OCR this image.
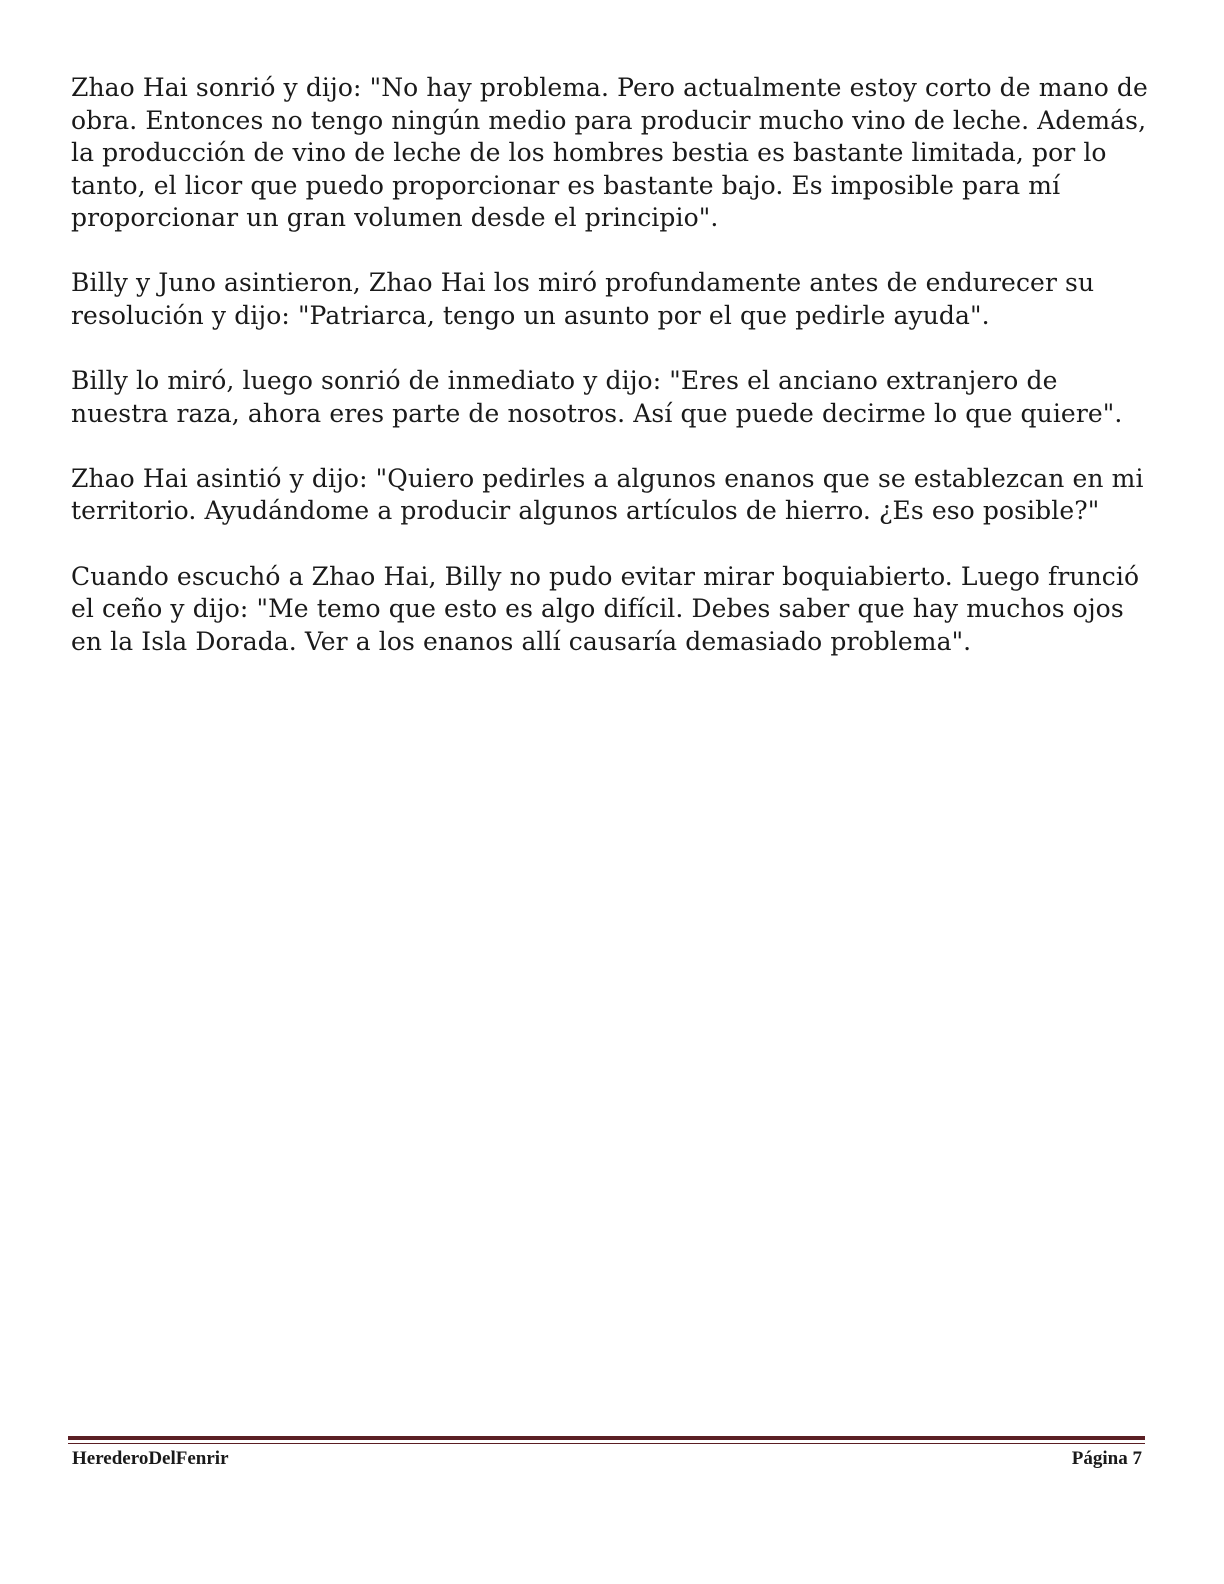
Zhao Hai sonrió y dijo: "No hay problema. Pero actualmente estoy corto de mano de obra. Entonces no tengo ningún medio para producir mucho vino de leche. Además, la producción de vino de leche de los hombres bestia es bastante limitada, por lo tanto, el licor que puedo proporcionar es bastante bajo. Es imposible para mí proporcionar un gran volumen desde el principio".

Billy y Juno asintieron, Zhao Hai los miró profundamente antes de endurecer su resolución y dijo: "Patriarca, tengo un asunto por el que pedirle ayuda".

Billy lo miró, luego sonrió de inmediato y dijo: "Eres el anciano extranjero de nuestra raza, ahora eres parte de nosotros. Así que puede decirme lo que quiere".

Zhao Hai asintió y dijo: "Quiero pedirles a algunos enanos que se establezcan en mi territorio. Ayudándome a producir algunos artículos de hierro. ¿Es eso posible?"

Cuando escuchó a Zhao Hai, Billy no pudo evitar mirar boquiabierto. Luego frunció el ceño y dijo: "Me temo que esto es algo difícil. Debes saber que hay muchos ojos en la Isla Dorada. Ver a los enanos allí causaría demasiado problema".

HerederoDelFenrir	Página 7
